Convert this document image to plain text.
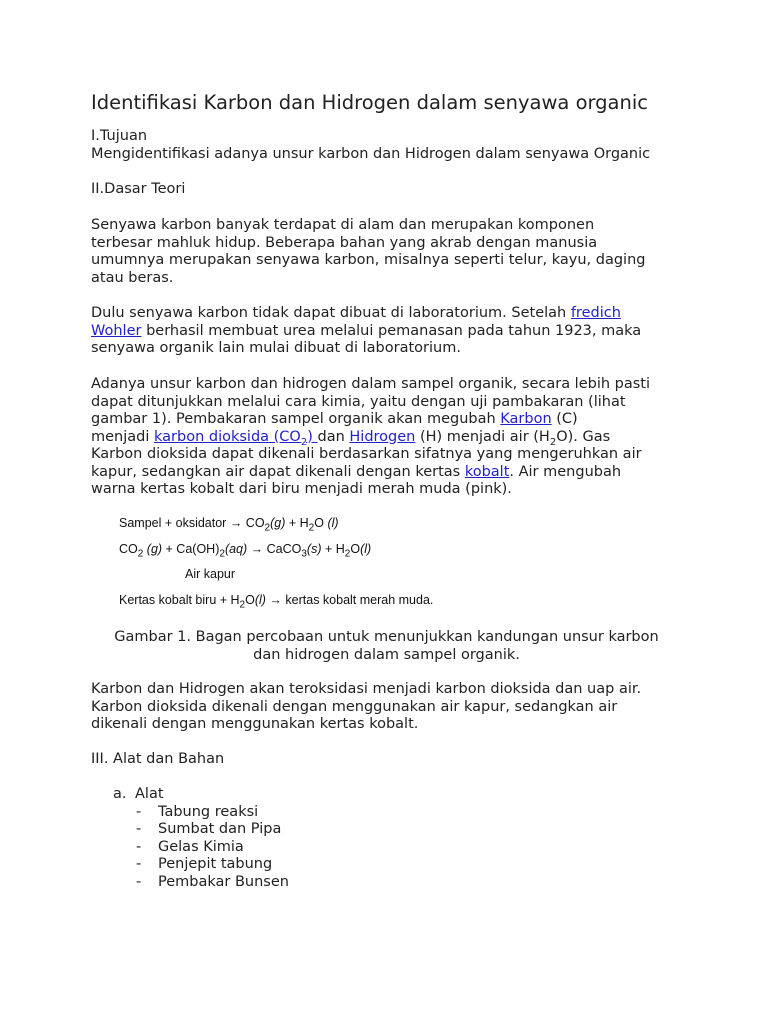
Identifikasi Karbon dan Hidrogen dalam senyawa organic
I.Tujuan
Mengidentifikasi adanya unsur karbon dan Hidrogen dalam senyawa Organic
II.Dasar Teori
Senyawa karbon banyak terdapat di alam dan merupakan komponen
terbesar mahluk hidup. Beberapa bahan yang akrab dengan manusia
umumnya merupakan senyawa karbon, misalnya seperti telur, kayu, daging
atau beras.
Dulu senyawa karbon tidak dapat dibuat di laboratorium. Setelah fredich
Wohler berhasil membuat urea melalui pemanasan pada tahun 1923, maka
senyawa organik lain mulai dibuat di laboratorium.
Adanya unsur karbon dan hidrogen dalam sampel organik, secara lebih pasti
dapat ditunjukkan melalui cara kimia, yaitu dengan uji pambakaran (lihat
gambar 1). Pembakaran sampel organik akan megubah Karbon (C)
menjadi karbon dioksida $(CO_2)$ dan Hidrogen (H) menjadi air $(H_2O)$. Gas
Karbon dioksida dapat dikenali berdasarkan sifatnya yang mengeruhkan air
kapur, sedangkan air dapat dikenali dengan kertas kobalt. Air mengubah
warna kertas kobalt dari biru menjadi merah muda (pink).
Sampel + oksidator → $CO_2(g) + H_2O$ (l)
$CO_2$ $(g) + Ca(OH)_2(aq)$ → CaCO$_3$(s) + $H_2O(l)$
Air kapur
Kertas kobalt biru + $H_2O(l)$ → kertas kobalt merah muda.
Gambar 1. Bagan percobaan untuk menunjukkan kandungan unsur karbon
dan hidrogen dalam sampel organik.
Karbon dan Hidrogen akan teroksidasi menjadi karbon dioksida dan uap air.
Karbon dioksida dikenali dengan menggunakan air kapur, sedangkan air
dikenali dengan menggunakan kertas kobalt.
III. Alat dan Bahan
a. Alat
- Tabung reaksi
- Sumbat dan Pipa
- Gelas Kimia
- Penjepit tabung
- Pembakar Bunsen
